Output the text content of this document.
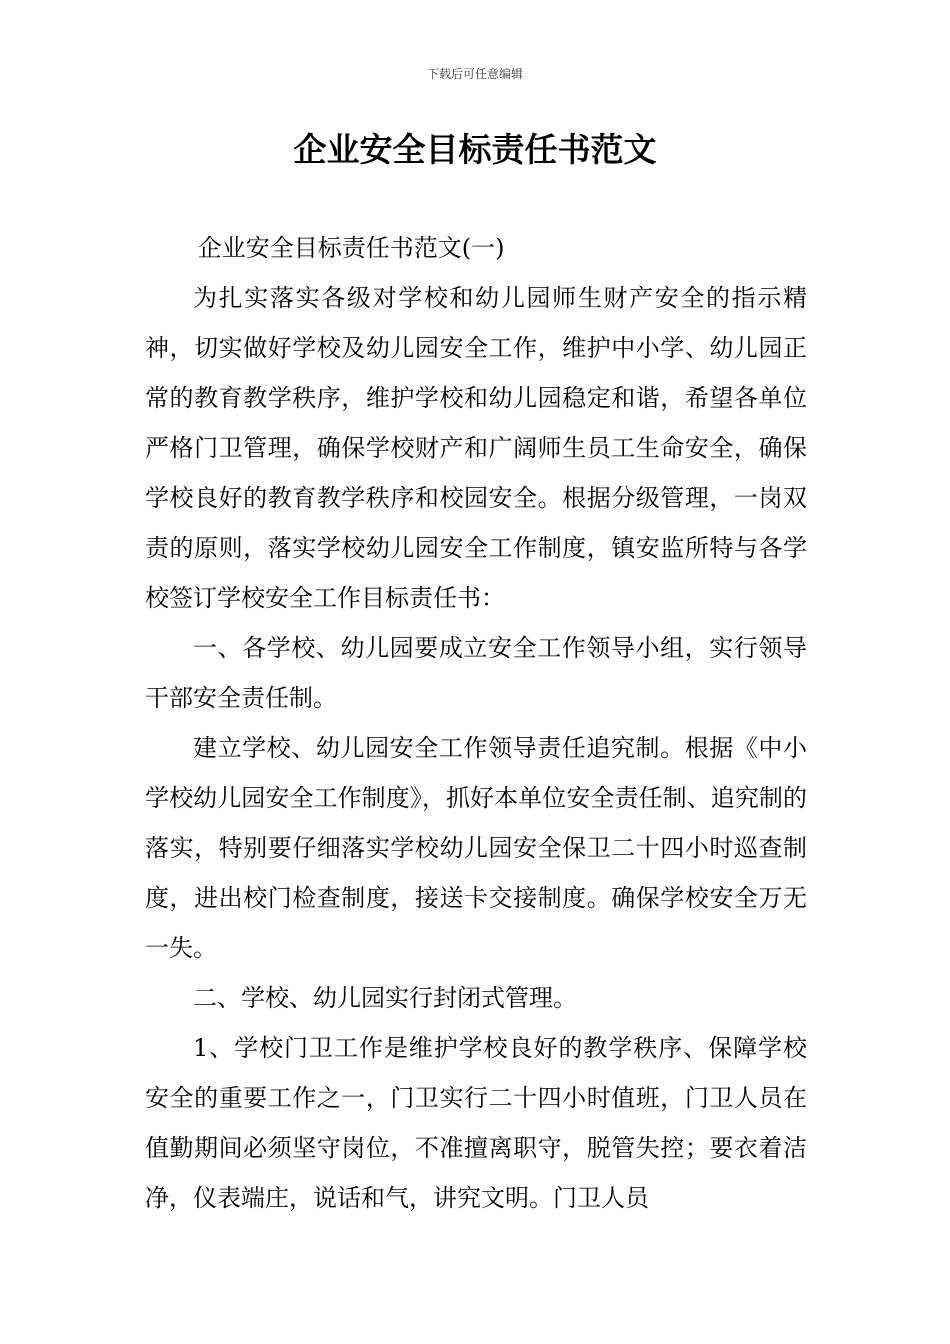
下载后可任意编辑
企业安全目标责任书范文

企业安全目标责任书范文(一)

为扎实落实各级对学校和幼儿园师生财产安全的指示精神，切实做好学校及幼儿园安全工作，维护中小学、幼儿园正常的教育教学秩序，维护学校和幼儿园稳定和谐，希望各单位严格门卫管理，确保学校财产和广阔师生员工生命安全，确保学校良好的教育教学秩序和校园安全。根据分级管理，一岗双责的原则，落实学校幼儿园安全工作制度，镇安监所特与各学校签订学校安全工作目标责任书：

一、各学校、幼儿园要成立安全工作领导小组，实行领导干部安全责任制。

建立学校、幼儿园安全工作领导责任追究制。根据《中小学校幼儿园安全工作制度》，抓好本单位安全责任制、追究制的落实，特别要仔细落实学校幼儿园安全保卫二十四小时巡查制度，进出校门检查制度，接送卡交接制度。确保学校安全万无一失。

二、学校、幼儿园实行封闭式管理。

1、学校门卫工作是维护学校良好的教学秩序、保障学校安全的重要工作之一，门卫实行二十四小时值班，门卫人员在值勤期间必须坚守岗位，不准擅离职守，脱管失控；要衣着洁净，仪表端庄，说话和气，讲究文明。门卫人员
